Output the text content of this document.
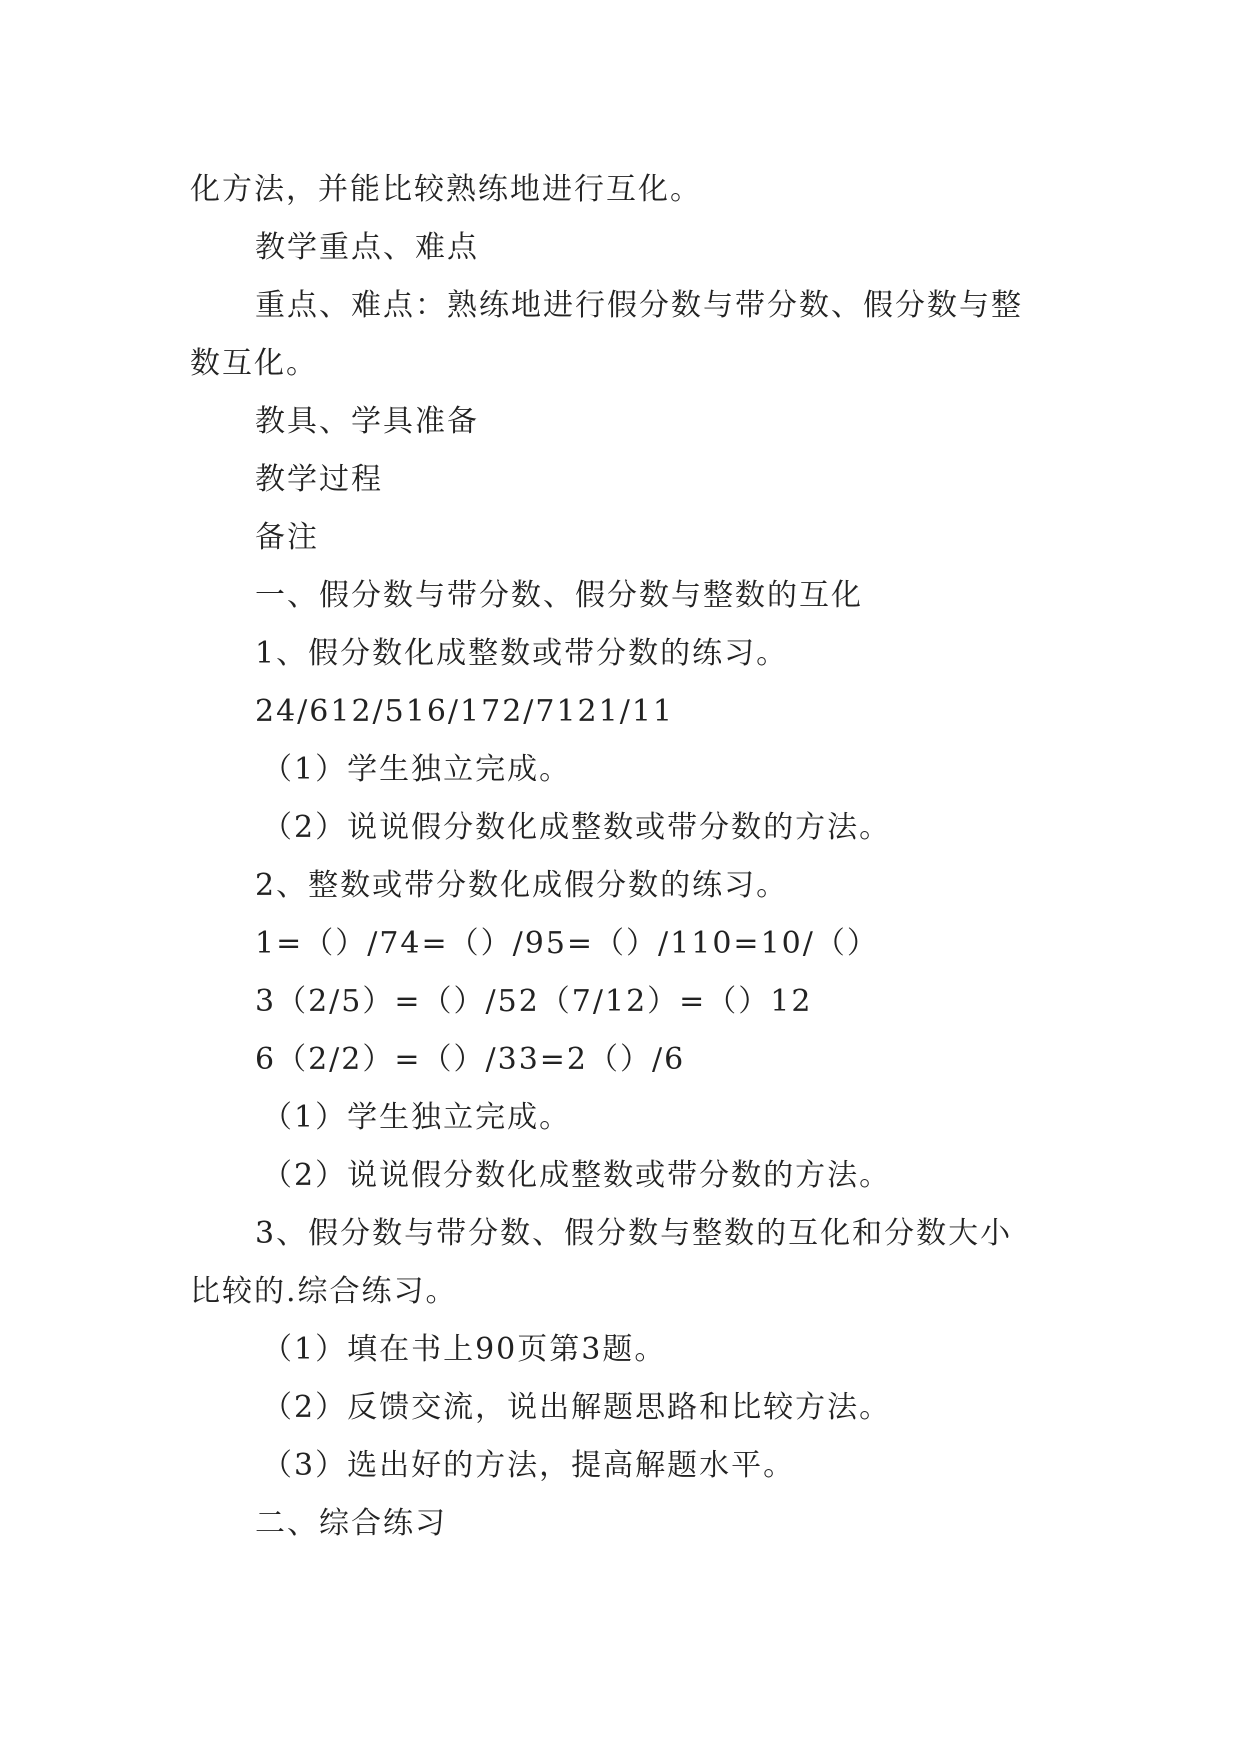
化方法，并能比较熟练地进行互化。
教学重点、难点
重点、难点：熟练地进行假分数与带分数、假分数与整
数互化。
教具、学具准备
教学过程
备注
一、假分数与带分数、假分数与整数的互化
1、假分数化成整数或带分数的练习。
24/612/516/172/7121/11
（1）学生独立完成。
（2）说说假分数化成整数或带分数的方法。
2、整数或带分数化成假分数的练习。
1=（）/74=（）/95=（）/110=10/（）
3（2/5）=（）/52（7/12）=（）12
6（2/2）=（）/33=2（）/6
（1）学生独立完成。
（2）说说假分数化成整数或带分数的方法。
3、假分数与带分数、假分数与整数的互化和分数大小
比较的.综合练习。
（1）填在书上90页第3题。
（2）反馈交流，说出解题思路和比较方法。
（3）选出好的方法，提高解题水平。
二、综合练习
